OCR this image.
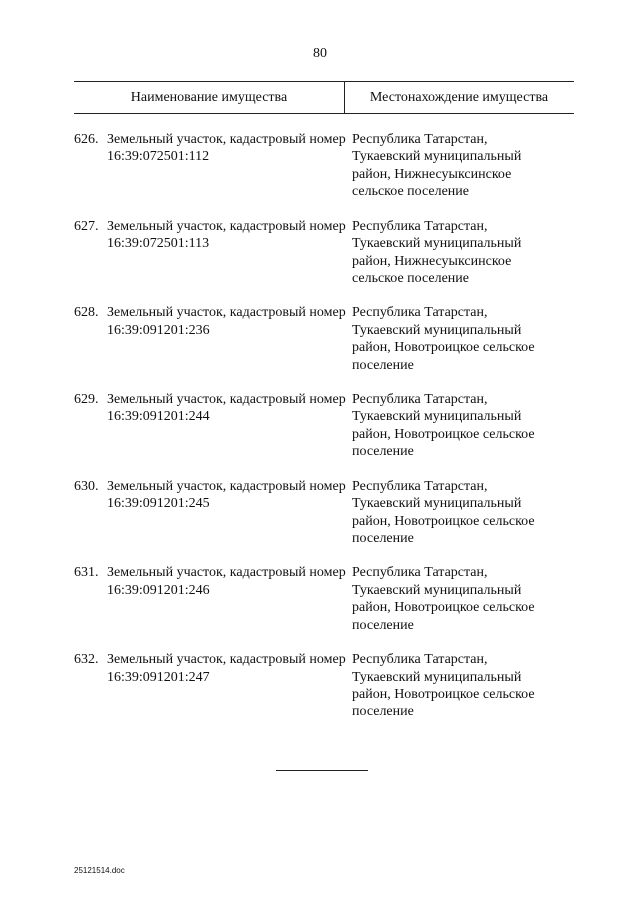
80
Наименование имущества	Местонахождение имущества
626. Земельный участок, кадастровый номер 16:39:072501:112
Республика Татарстан,
Тукаевский муниципальный
район, Нижнесуыксинское
сельское поселение
627. Земельный участок, кадастровый номер 16:39:072501:113
Республика Татарстан,
Тукаевский муниципальный
район, Нижнесуыксинское
сельское поселение
628. Земельный участок, кадастровый номер 16:39:091201:236
Республика Татарстан,
Тукаевский муниципальный
район, Новотроицкое сельское
поселение
629. Земельный участок, кадастровый номер 16:39:091201:244
Республика Татарстан,
Тукаевский муниципальный
район, Новотроицкое сельское
поселение
630. Земельный участок, кадастровый номер 16:39:091201:245
Республика Татарстан,
Тукаевский муниципальный
район, Новотроицкое сельское
поселение
631. Земельный участок, кадастровый номер 16:39:091201:246
Республика Татарстан,
Тукаевский муниципальный
район, Новотроицкое сельское
поселение
632. Земельный участок, кадастровый номер 16:39:091201:247
Республика Татарстан,
Тукаевский муниципальный
район, Новотроицкое сельское
поселение
25121514.doc
